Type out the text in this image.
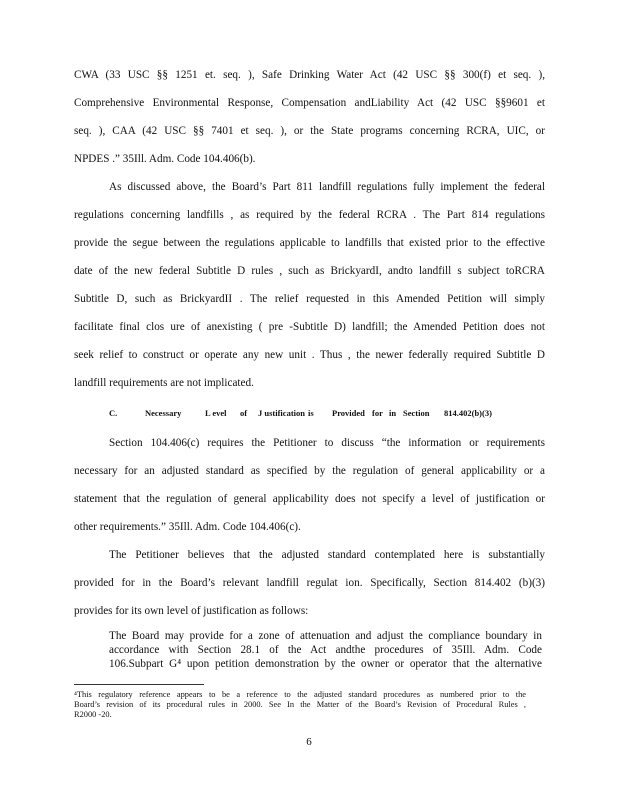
CWA (33 USC §§ 1251 et. seq. ), Safe Drinking Water Act (42 USC §§ 300(f) et seq. ),
Comprehensive Environmental Response, Compensation andLiability Act (42 USC §§9601 et
seq. ), CAA (42 USC §§ 7401 et seq. ), or the State programs concerning RCRA, UIC, or
NPDES .” 35Ill. Adm. Code 104.406(b).
As discussed above, the Board’s Part 811 landfill regulations fully implement the federal
regulations concerning landfills , as required by the federal RCRA . The Part 814 regulations
provide the segue between the regulations applicable to landfills that existed prior to the effective
date of the new federal Subtitle D rules , such as BrickyardI, andto landfill s subject toRCRA
Subtitle D, such as BrickyardII . The relief requested in this Amended Petition will simply
facilitate final clos ure of anexisting ( pre -Subtitle D) landfill; the Amended Petition does not
seek relief to construct or operate any new unit . Thus , the newer federally required Subtitle D
landfill requirements are not implicated.
C.	Necessary	L evel of J ustification is Provided for in Section 814.402(b)(3)
Section 104.406(c) requires the Petitioner to discuss “the information or requirements
necessary for an adjusted standard as specified by the regulation of general applicability or a
statement that the regulation of general applicability does not specify a level of justification or
other requirements.” 35Ill. Adm. Code 104.406(c).
The Petitioner believes that the adjusted standard contemplated here is substantially
provided for in the Board’s relevant landfill regulat ion. Specifically, Section 814.402 (b)(3)
provides for its own level of justification as follows:
The Board may provide for a zone of attenuation and adjust the compliance boundary in
accordance with Section 28.1 of the Act andthe procedures of 35Ill. Adm. Code
106.Subpart G⁴ upon petition demonstration by the owner or operator that the alternative
⁴This regulatory reference appears to be a reference to the adjusted standard procedures as numbered prior to the
Board’s revision of its procedural rules in 2000. See In the Matter of the Board’s Revision of Procedural Rules ,
R2000 -20.
6
